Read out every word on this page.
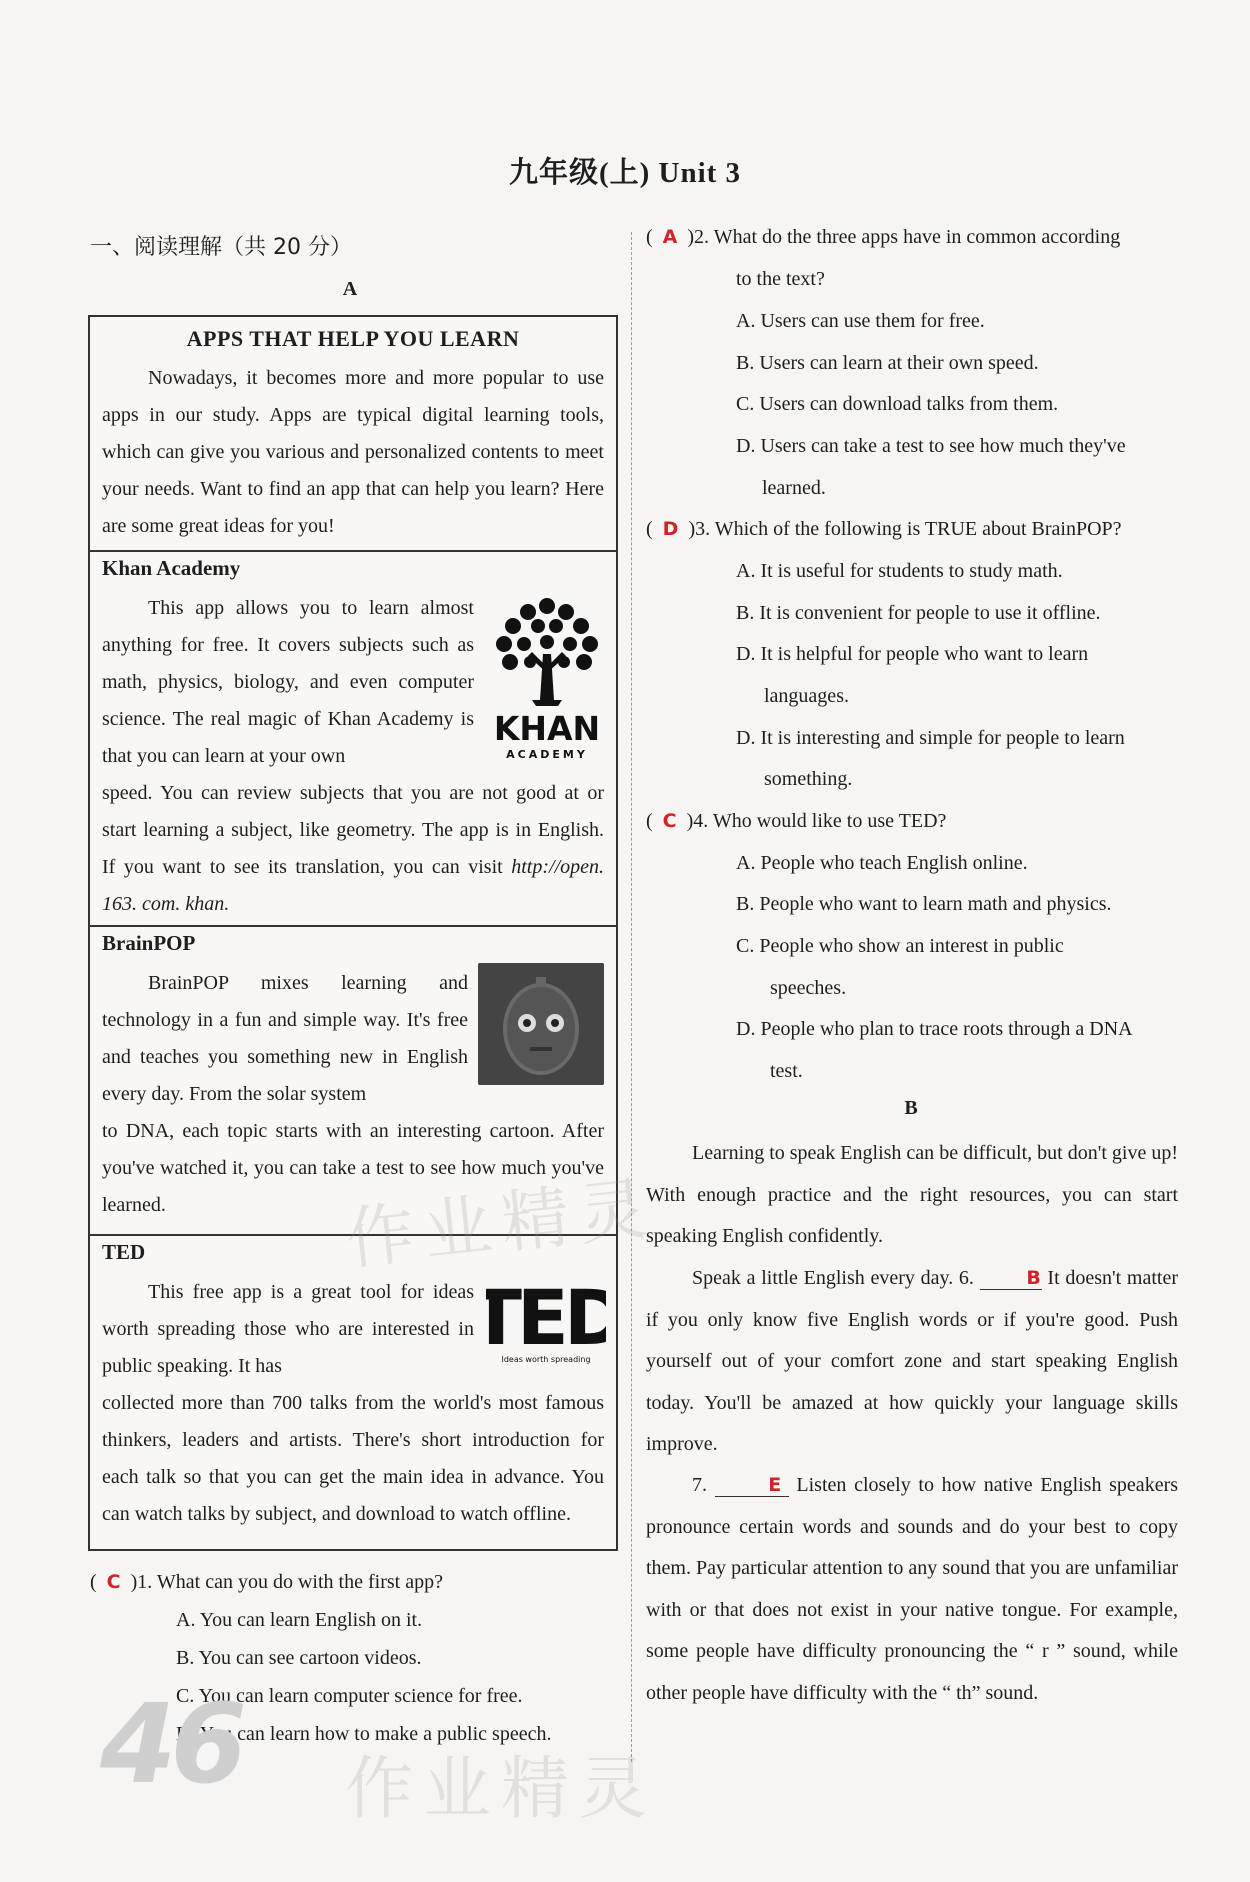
九年级(上) Unit 3
一、阅读理解（共 20 分）
A
APPS THAT HELP YOU LEARN
Nowadays, it becomes more and more popular to use apps in our study. Apps are typical digital learning tools, which can give you various and personalized contents to meet your needs. Want to find an app that can help you learn? Here are some great ideas for you!
Khan Academy
This app allows you to learn almost anything for free. It covers subjects such as math, physics, biology, and even computer science. The real magic of Khan Academy is that you can learn at your own
speed. You can review subjects that you are not good at or start learning a subject, like geometry. The app is in English. If you want to see its translation, you can visit http://open. 163. com. khan.
KHAN
ACADEMY
BrainPOP
BrainPOP mixes learning and technology in a fun and simple way. It's free and teaches you something new in English every day. From the solar system
to DNA, each topic starts with an interesting cartoon. After you've watched it, you can take a test to see how much you've learned.
TED
This free app is a great tool for ideas worth spreading those who are interested in public speaking. It has
collected more than 700 talks from the world's most famous thinkers, leaders and artists. There's short introduction for each talk so that you can get the main idea in advance. You can watch talks by subject, and download to watch offline.
TED
Ideas worth spreading
(  C )1. What can you do with the first app?
A. You can learn English on it.
B. You can see cartoon videos.
C. You can learn computer science for free.
D. You can learn how to make a public speech.
(  A )2. What do the three apps have in common according
to the text?
A. Users can use them for free.
B. Users can learn at their own speed.
C. Users can download talks from them.
D. Users can take a test to see how much they've
learned.
(  D )3. Which of the following is TRUE about BrainPOP?
A. It is useful for students to study math.
B. It is convenient for people to use it offline.
D. It is helpful for people who want to learn
languages.
D. It is interesting and simple for people to learn
something.
(  C )4. Who would like to use TED?
A. People who teach English online.
B. People who want to learn math and physics.
C. People who show an interest in public
speeches.
D. People who plan to trace roots through a DNA
test.
B
Learning to speak English can be difficult, but don't give up! With enough practice and the right resources, you can start speaking English confidently.
Speak a little English every day. 6. B It doesn't matter if you only know five English words or if you're good. Push yourself out of your comfort zone and start speaking English today. You'll be amazed at how quickly your language skills improve.
7.	E Listen closely to how native English speakers pronounce certain words and sounds and do your best to copy them. Pay particular attention to any sound that you are unfamiliar with or that does not exist in your native tongue. For example, some people have difficulty pronouncing the “ r ” sound, while other people have difficulty with the “ th” sound.
46
作业精灵
作业精灵
